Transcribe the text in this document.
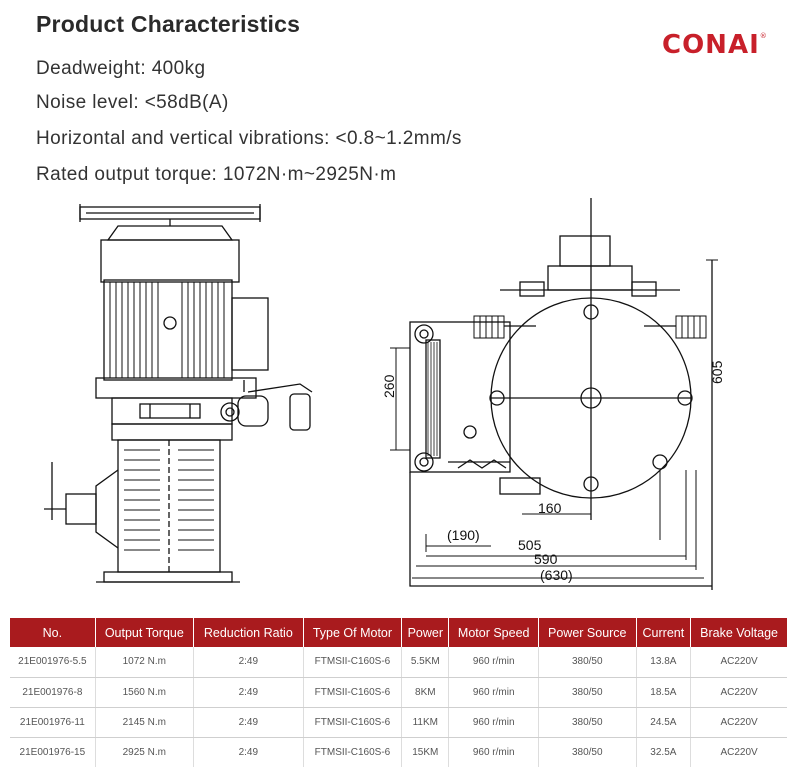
Product Characteristics
CONAI®
Deadweight: 400kg
Noise level: <58dB(A)
Horizontal and vertical vibrations: <0.8~1.2mm/s
Rated output torque: 1072N·m~2925N·m
260
605
160
(190)
505
590
(630)
No.	Output Torque	Reduction Ratio	Type Of Motor	Power	Motor Speed	Power Source	Current	Brake Voltage
21E001976-5.5	1072 N.m	2:49	FTMSII-C160S-6	5.5KM	960 r/min	380/50	13.8A	AC220V
21E001976-8	1560 N.m	2:49	FTMSII-C160S-6	8KM	960 r/min	380/50	18.5A	AC220V
21E001976-11	2145 N.m	2:49	FTMSII-C160S-6	11KM	960 r/min	380/50	24.5A	AC220V
21E001976-15	2925 N.m	2:49	FTMSII-C160S-6	15KM	960 r/min	380/50	32.5A	AC220V
